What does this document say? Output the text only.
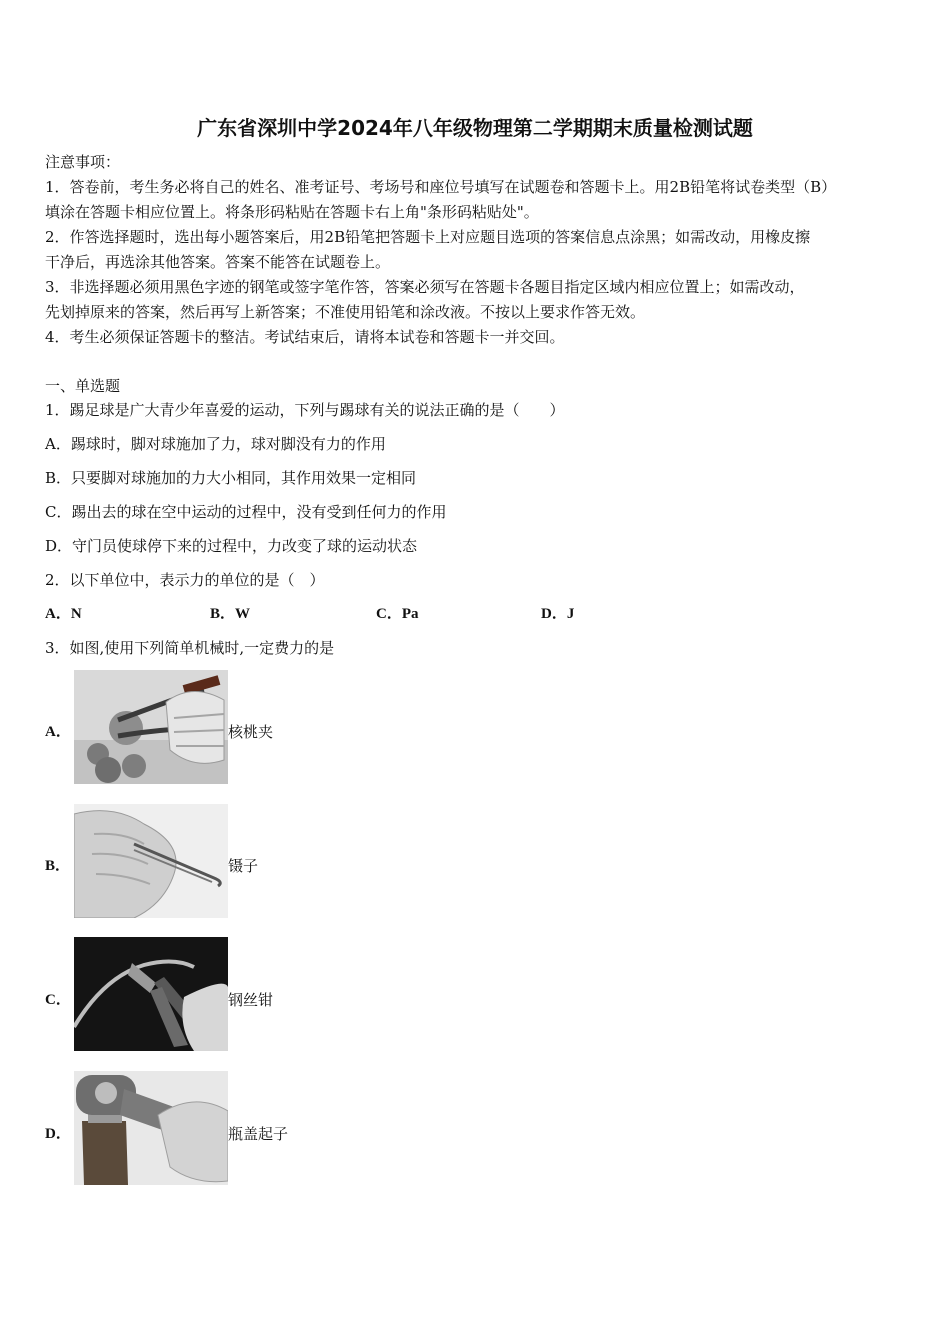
广东省深圳中学2024年八年级物理第二学期期末质量检测试题
注意事项：
1．答卷前，考生务必将自己的姓名、准考证号、考场号和座位号填写在试题卷和答题卡上。用2B铅笔将试卷类型（B）
填涂在答题卡相应位置上。将条形码粘贴在答题卡右上角"条形码粘贴处"。
2．作答选择题时，选出每小题答案后，用2B铅笔把答题卡上对应题目选项的答案信息点涂黑；如需改动，用橡皮擦
干净后，再选涂其他答案。答案不能答在试题卷上。
3．非选择题必须用黑色字迹的钢笔或签字笔作答，答案必须写在答题卡各题目指定区域内相应位置上；如需改动，
先划掉原来的答案，然后再写上新答案；不准使用铅笔和涂改液。不按以上要求作答无效。
4．考生必须保证答题卡的整洁。考试结束后，请将本试卷和答题卡一并交回。
一、单选题
1．踢足球是广大青少年喜爱的运动，下列与踢球有关的说法正确的是（　　）
A．踢球时，脚对球施加了力，球对脚没有力的作用
B．只要脚对球施加的力大小相同，其作用效果一定相同
C．踢出去的球在空中运动的过程中，没有受到任何力的作用
D．守门员使球停下来的过程中，力改变了球的运动状态
2．以下单位中，表示力的单位的是（　）
A．N	B．W	C．Pa	D．J
3．如图,使用下列简单机械时,一定费力的是
A．	核桃夹
B．	镊子
C．	钢丝钳
D．	瓶盖起子
